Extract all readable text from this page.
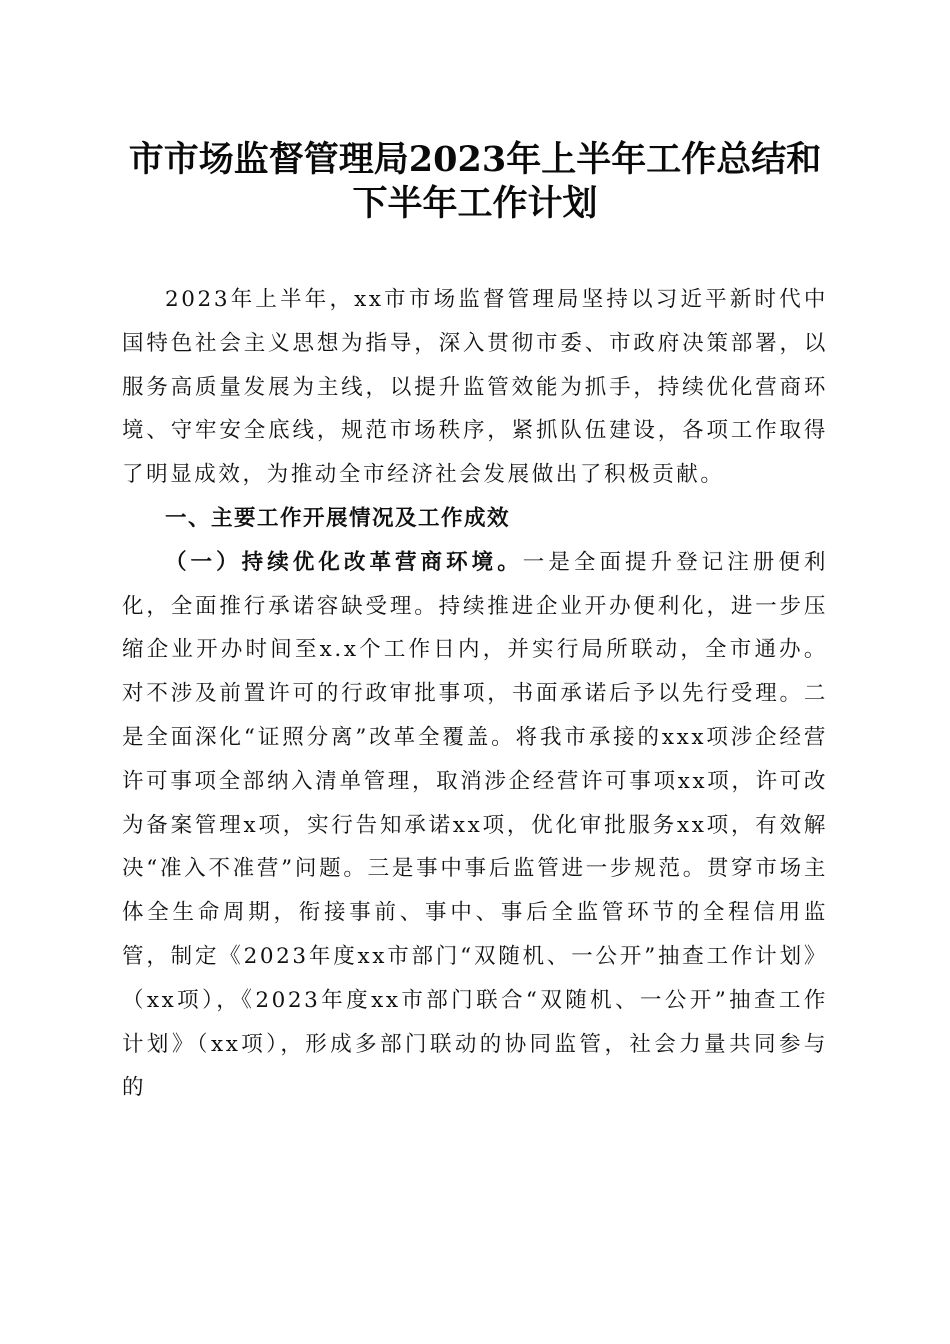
市市场监督管理局2023年上半年工作总结和
下半年工作计划

2023年上半年，xx市市场监督管理局坚持以习近平新时代中国特色社会主义思想为指导，深入贯彻市委、市政府决策部署，以服务高质量发展为主线，以提升监管效能为抓手，持续优化营商环境、守牢安全底线，规范市场秩序，紧抓队伍建设，各项工作取得了明显成效，为推动全市经济社会发展做出了积极贡献。

一、主要工作开展情况及工作成效

（一）持续优化改革营商环境。一是全面提升登记注册便利化，全面推行承诺容缺受理。持续推进企业开办便利化，进一步压缩企业开办时间至x.x个工作日内，并实行局所联动，全市通办。对不涉及前置许可的行政审批事项，书面承诺后予以先行受理。二是全面深化“证照分离”改革全覆盖。将我市承接的xxx项涉企经营许可事项全部纳入清单管理，取消涉企经营许可事项xx项，许可改为备案管理x项，实行告知承诺xx项，优化审批服务xx项，有效解决“准入不准营”问题。三是事中事后监管进一步规范。贯穿市场主体全生命周期，衔接事前、事中、事后全监管环节的全程信用监管，制定《2023年度xx市部门“双随机、一公开”抽查工作计划》（xx项），《2023年度xx市部门联合“双随机、一公开”抽查工作计划》（xx项），形成多部门联动的协同监管，社会力量共同参与的
